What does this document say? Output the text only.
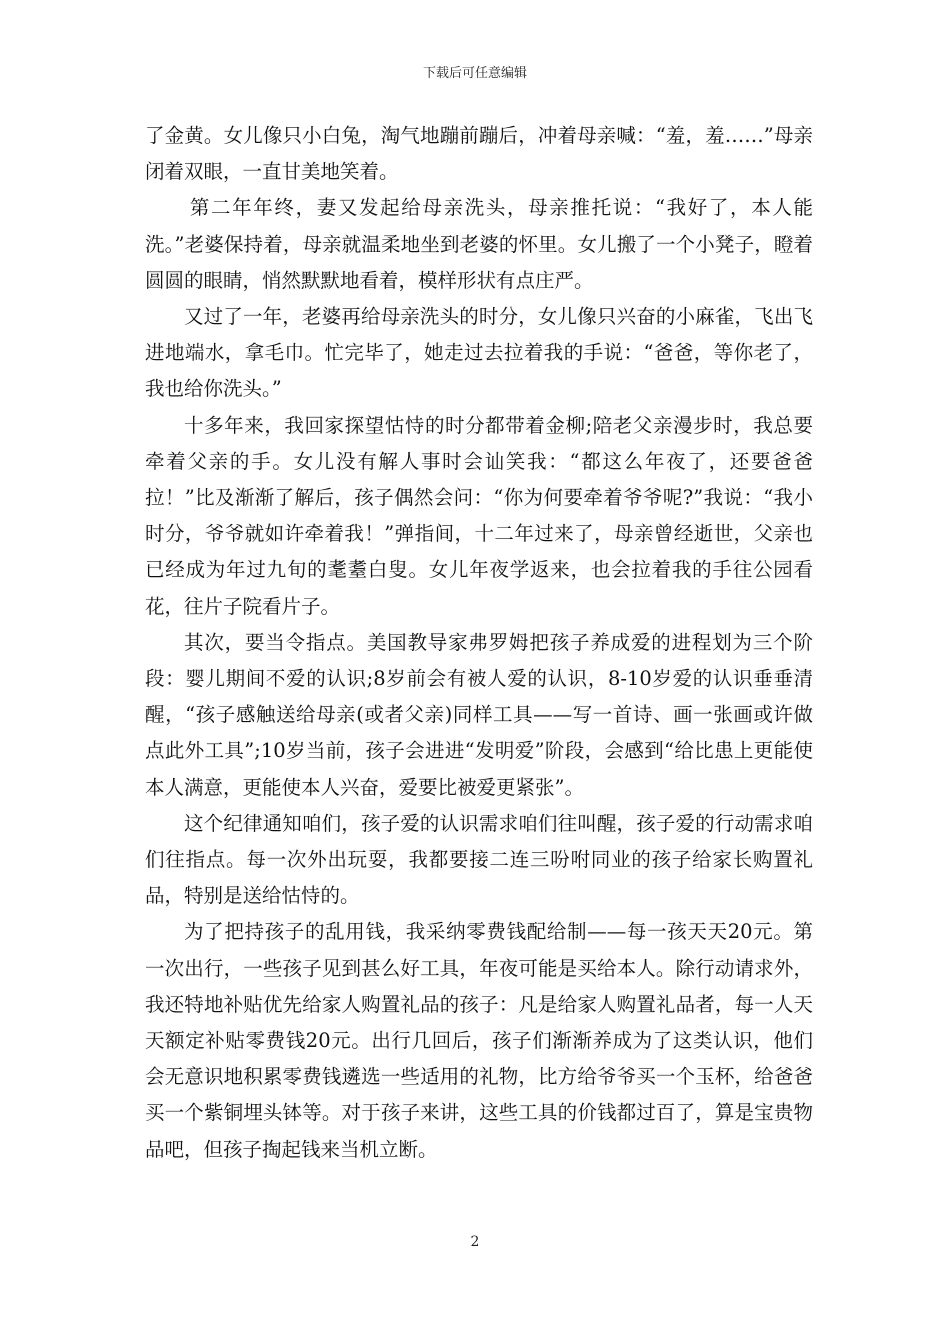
下载后可任意编辑

了金黄。女儿像只小白兔，淘气地蹦前蹦后，冲着母亲喊：“羞，羞……”母亲闭着双眼，一直甘美地笑着。

第二年年终，妻又发起给母亲洗头，母亲推托说：“我好了，本人能洗。”老婆保持着，母亲就温柔地坐到老婆的怀里。女儿搬了一个小凳子，瞪着圆圆的眼睛，悄然默默地看着，模样形状有点庄严。

又过了一年，老婆再给母亲洗头的时分，女儿像只兴奋的小麻雀，飞出飞进地端水，拿毛巾。忙完毕了，她走过去拉着我的手说：“爸爸，等你老了，我也给你洗头。”

十多年来，我回家探望怙恃的时分都带着金柳;陪老父亲漫步时，我总要牵着父亲的手。女儿没有解人事时会讪笑我：“都这么年夜了，还要爸爸拉！”比及渐渐了解后，孩子偶然会问：“你为何要牵着爷爷呢?”我说：“我小时分，爷爷就如许牵着我！”弹指间，十二年过来了，母亲曾经逝世，父亲也已经成为年过九旬的耄耋白叟。女儿年夜学返来，也会拉着我的手往公园看花，往片子院看片子。

其次，要当令指点。美国教导家弗罗姆把孩子养成爱的进程划为三个阶段：婴儿期间不爱的认识;8岁前会有被人爱的认识，8-10岁爱的认识垂垂清醒，“孩子感触送给母亲(或者父亲)同样工具——写一首诗、画一张画或许做点此外工具”;10岁当前，孩子会进进“发明爱”阶段，会感到“给比患上更能使本人满意，更能使本人兴奋，爱要比被爱更紧张”。

这个纪律通知咱们，孩子爱的认识需求咱们往叫醒，孩子爱的行动需求咱们往指点。每一次外出玩耍，我都要接二连三吩咐同业的孩子给家长购置礼品，特别是送给怙恃的。

为了把持孩子的乱用钱，我采纳零费钱配给制——每一孩天天20元。第一次出行，一些孩子见到甚么好工具，年夜可能是买给本人。除行动请求外，我还特地补贴优先给家人购置礼品的孩子：凡是给家人购置礼品者，每一人天天额定补贴零费钱20元。出行几回后，孩子们渐渐养成为了这类认识，他们会无意识地积累零费钱遴选一些适用的礼物，比方给爷爷买一个玉杯，给爸爸买一个紫铜埋头钵等。对于孩子来讲，这些工具的价钱都过百了，算是宝贵物品吧，但孩子掏起钱来当机立断。

2
